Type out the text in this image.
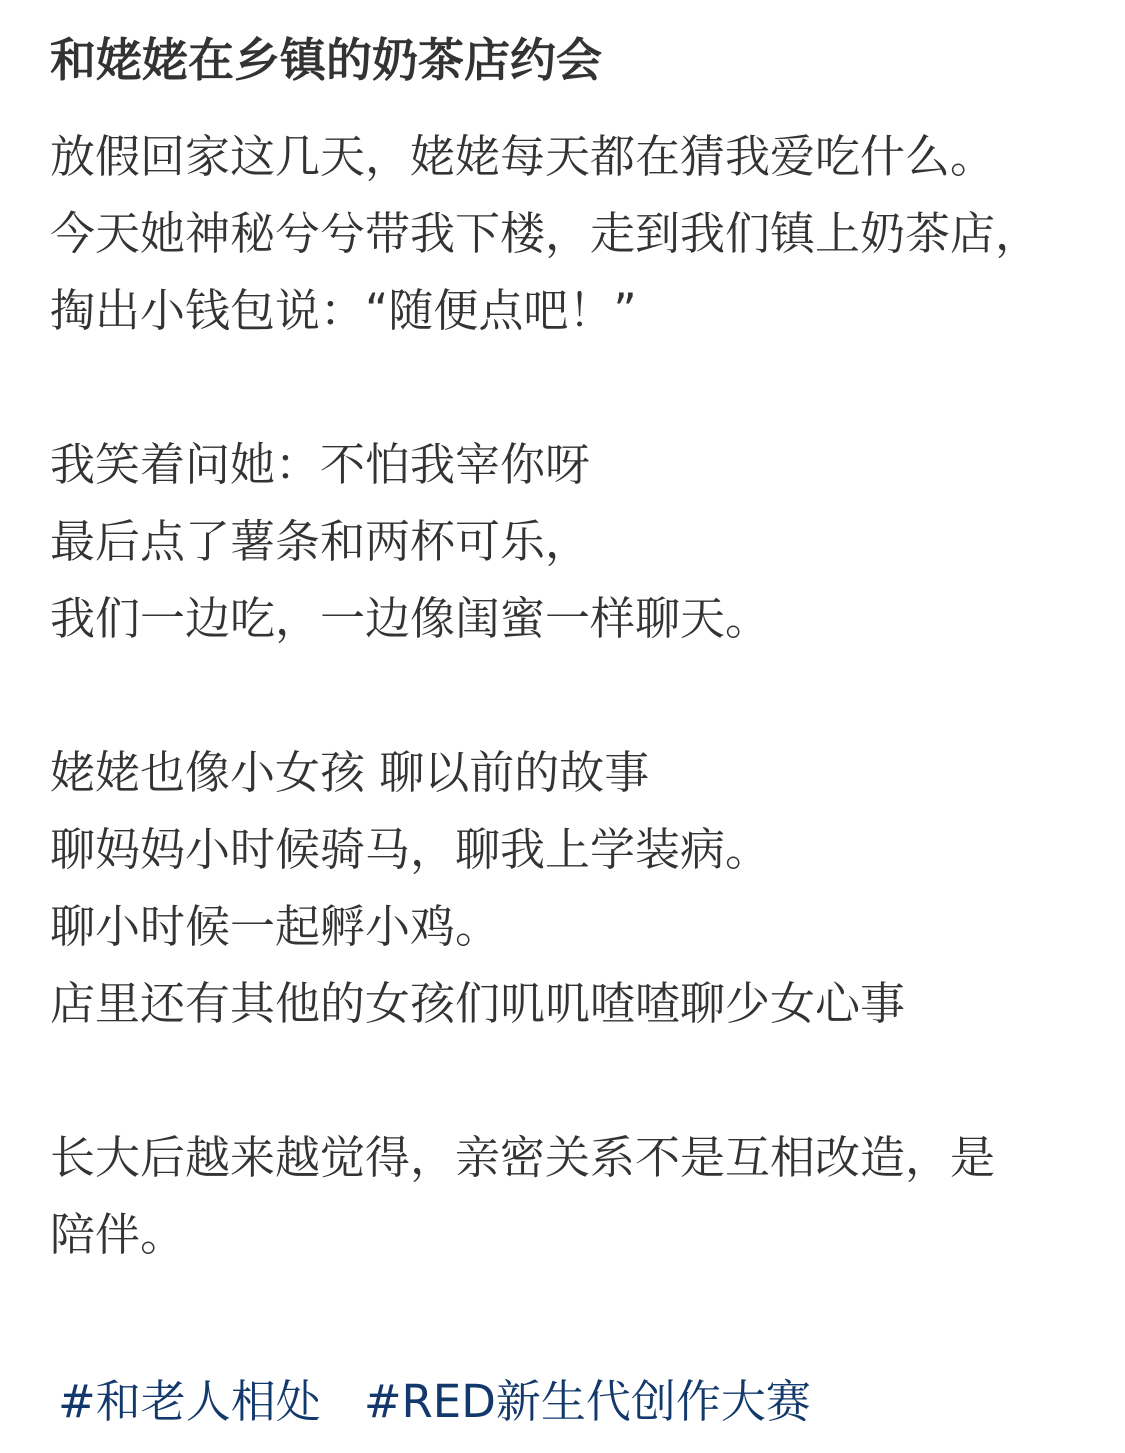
和姥姥在乡镇的奶茶店约会
放假回家这几天，姥姥每天都在猜我爱吃什么。
今天她神秘兮兮带我下楼，走到我们镇上奶茶店，
掏出小钱包说：“随便点吧！”
我笑着问她：不怕我宰你呀
最后点了薯条和两杯可乐，
我们一边吃，一边像闺蜜一样聊天。
姥姥也像小女孩 聊以前的故事
聊妈妈小时候骑马，聊我上学装病。
聊小时候一起孵小鸡。
店里还有其他的女孩们叽叽喳喳聊少女心事
长大后越来越觉得，亲密关系不是互相改造，是
陪伴。
#和老人相处 #RED新生代创作大赛
